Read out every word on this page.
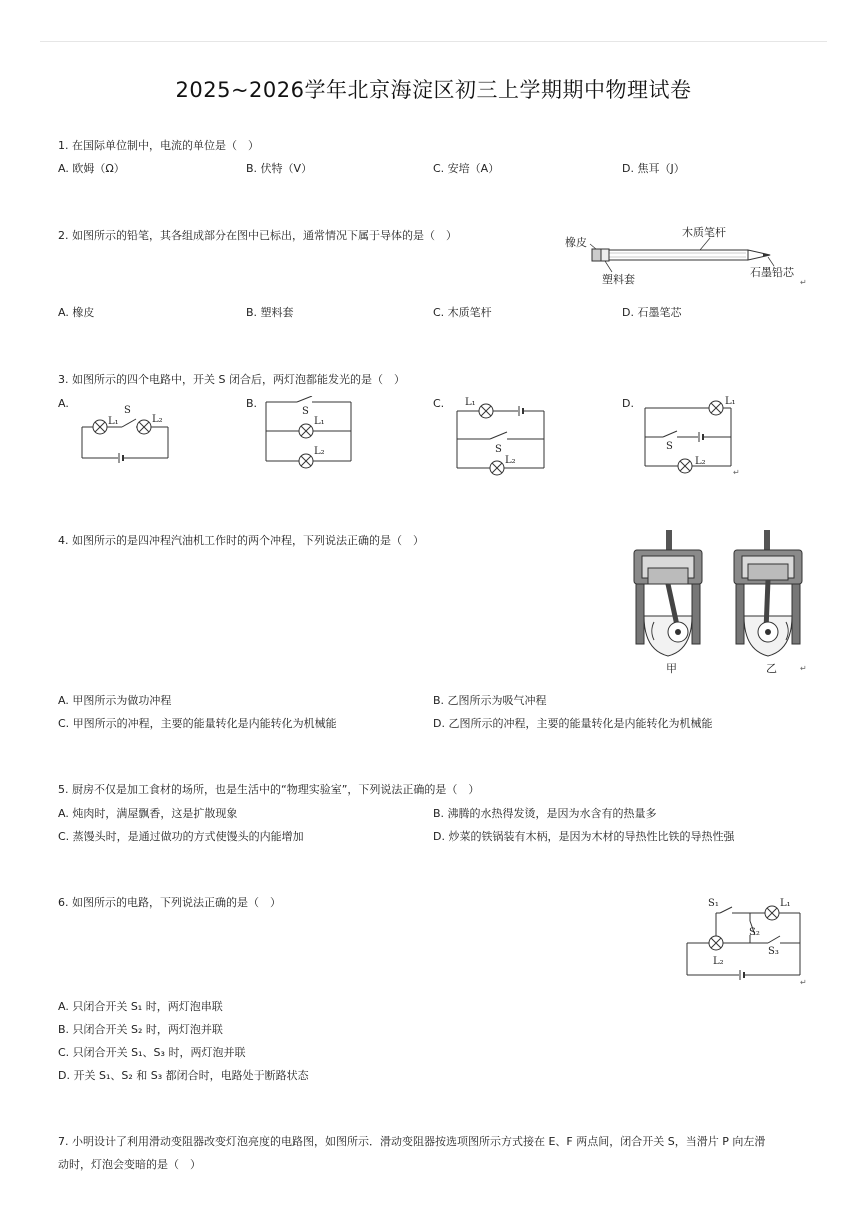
2025~2026学年北京海淀区初三上学期期中物理试卷
1. 在国际单位制中，电流的单位是（　）
A. 欧姆（Ω）	B. 伏特（V）	C. 安培（A）	D. 焦耳（J）
2. 如图所示的铅笔，其各组成部分在图中已标出，通常情况下属于导体的是（　）
橡皮
塑料套
木质笔杆
石墨铅芯
↵
A. 橡皮	B. 塑料套	C. 木质笔杆	D. 石墨笔芯
3. 如图所示的四个电路中，开关 S 闭合后，两灯泡都能发光的是（　）
A.
S
L₁	L₂
B.
S
L₁
L₂
C. L₁
S
L₂
D.	L₁
S
L₂
↵
4. 如图所示的是四冲程汽油机工作时的两个冲程，下列说法正确的是（　）
甲	乙	↵
A. 甲图所示为做功冲程	B. 乙图所示为吸气冲程
C. 甲图所示的冲程，主要的能量转化是内能转化为机械能	D. 乙图所示的冲程，主要的能量转化是内能转化为机械能
5. 厨房不仅是加工食材的场所，也是生活中的“物理实验室”，下列说法正确的是（　）
A. 炖肉时，满屋飘香，这是扩散现象	B. 沸腾的水热得发烫，是因为水含有的热量多
C. 蒸馒头时，是通过做功的方式使馒头的内能增加	D. 炒菜的铁锅装有木柄，是因为木材的导热性比铁的导热性强
6. 如图所示的电路，下列说法正确的是（　）	S₁	L₁
S₂
S₃
L₂
↵
A. 只闭合开关 S₁ 时，两灯泡串联
B. 只闭合开关 S₂ 时，两灯泡并联
C. 只闭合开关 S₁、S₃ 时，两灯泡并联
D. 开关 S₁、S₂ 和 S₃ 都闭合时，电路处于断路状态
7. 小明设计了利用滑动变阻器改变灯泡亮度的电路图，如图所示．滑动变阻器按选项图所示方式接在 E、F 两点间，闭合开关 S，当滑片 P 向左滑
动时，灯泡会变暗的是（　）
